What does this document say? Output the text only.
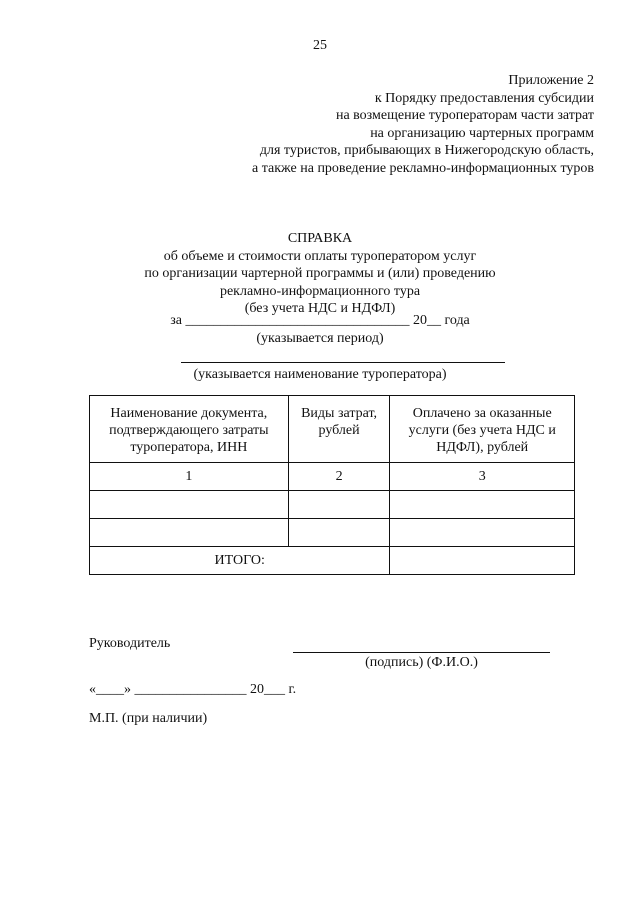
25
Приложение 2
к Порядку предоставления субсидии
на возмещение туроператорам части затрат
на организацию чартерных программ
для туристов, прибывающих в Нижегородскую область,
а также на проведение рекламно-информационных туров
СПРАВКА
об объеме и стоимости оплаты туроператором услуг
по организации чартерной программы и (или) проведению
рекламно-информационного тура
(без учета НДС и НДФЛ)
за ________________________________ 20__ года
(указывается период)
(указывается наименование туроператора)
Наименование документа, подтверждающего затраты туроператора, ИНН	Виды затрат, рублей	Оплачено за оказанные услуги (без учета НДС и НДФЛ), рублей
1	2	3

ИТОГО:		
Руководитель
(подпись) (Ф.И.О.)
«____» ________________ 20___ г.
М.П. (при наличии)
